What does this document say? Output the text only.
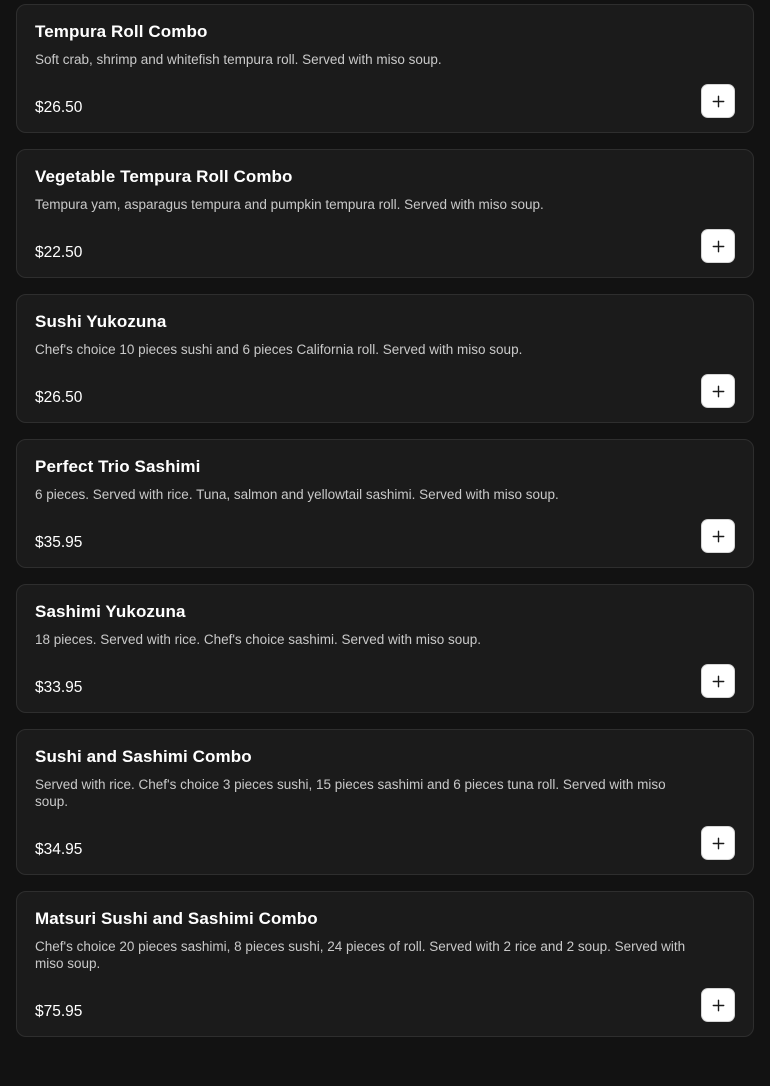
Tempura Roll Combo
Soft crab, shrimp and whitefish tempura roll. Served with miso soup.
$26.50
Vegetable Tempura Roll Combo
Tempura yam, asparagus tempura and pumpkin tempura roll. Served with miso soup.
$22.50
Sushi Yukozuna
Chef's choice 10 pieces sushi and 6 pieces California roll. Served with miso soup.
$26.50
Perfect Trio Sashimi
6 pieces. Served with rice. Tuna, salmon and yellowtail sashimi. Served with miso soup.
$35.95
Sashimi Yukozuna
18 pieces. Served with rice. Chef's choice sashimi. Served with miso soup.
$33.95
Sushi and Sashimi Combo
Served with rice. Chef's choice 3 pieces sushi, 15 pieces sashimi and 6 pieces tuna roll. Served with miso soup.
$34.95
Matsuri Sushi and Sashimi Combo
Chef's choice 20 pieces sashimi, 8 pieces sushi, 24 pieces of roll. Served with 2 rice and 2 soup. Served with miso soup.
$75.95
